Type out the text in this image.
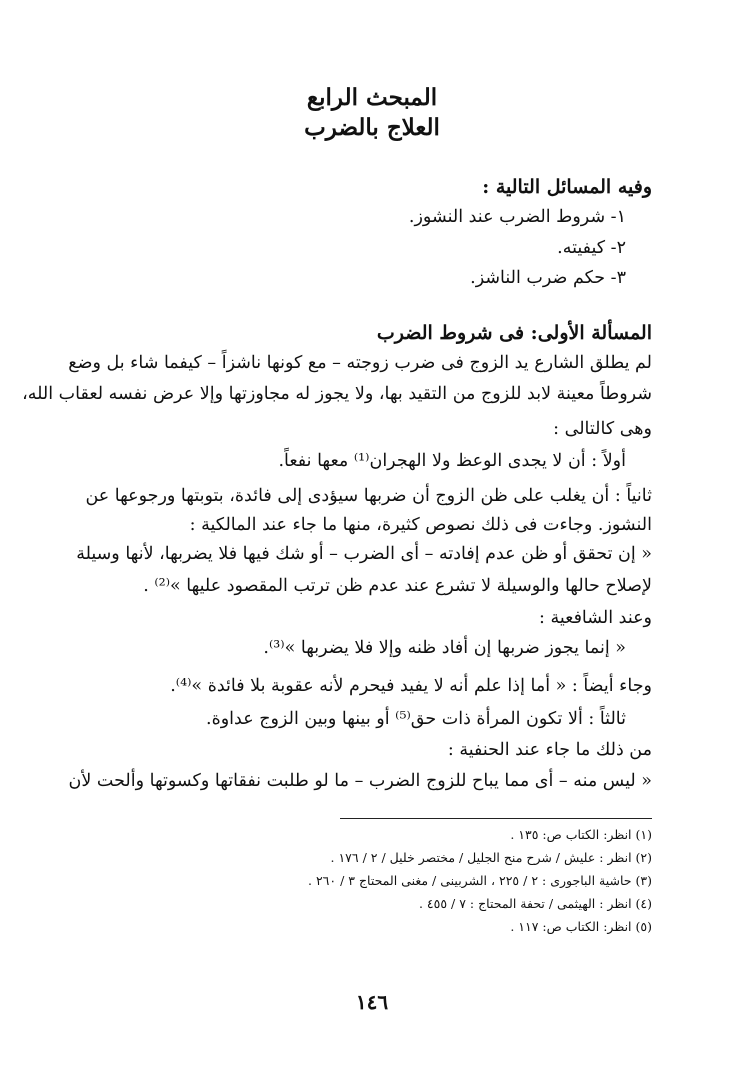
المبحث الرابع
العلاج بالضرب
وفيه المسائل التالية :
١- شروط الضرب عند النشوز.
٢- كيفيته.
٣- حكم ضرب الناشز.
المسألة الأولى: فى شروط الضرب
لم يطلق الشارع يد الزوج فى ضرب زوجته – مع كونها ناشزاً – كيفما شاء بل وضع
شروطاً معينة لابد للزوج من التقيد بها، ولا يجوز له مجاوزتها وإلا عرض نفسه لعقاب الله،
وهى كالتالى :
أولاً : أن لا يجدى الوعظ ولا الهجران⁽¹⁾ معها نفعاً.
ثانياً : أن يغلب على ظن الزوج أن ضربها سيؤدى إلى فائدة، بتوبتها ورجوعها عن
النشوز. وجاءت فى ذلك نصوص كثيرة، منها ما جاء عند المالكية :
« إن تحقق أو ظن عدم إفادته – أى الضرب – أو شك فيها فلا يضربها، لأنها وسيلة
لإصلاح حالها والوسيلة لا تشرع عند عدم ظن ترتب المقصود عليها »⁽²⁾ .
وعند الشافعية :
« إنما يجوز ضربها إن أفاد ظنه وإلا فلا يضربها »⁽³⁾.
وجاء أيضاً : « أما إذا علم أنه لا يفيد فيحرم لأنه عقوبة بلا فائدة »⁽⁴⁾.
ثالثاً : ألا تكون المرأة ذات حق⁽⁵⁾ أو بينها وبين الزوج عداوة.
من ذلك ما جاء عند الحنفية :
« ليس منه – أى مما يباح للزوج الضرب – ما لو طلبت نفقاتها وكسوتها وألحت لأن
(١) انظر: الكتاب ص: ١٣٥ .
(٢) انظر : عليش / شرح منح الجليل / مختصر خليل / ٢ / ١٧٦ .
(٣) حاشية الباجورى : ٢ / ٢٢٥ ، الشربينى / مغنى المحتاج ٣ / ٢٦٠ .
(٤) انظر : الهيثمى / تحفة المحتاج : ٧ / ٤٥٥ .
(٥) انظر: الكتاب ص: ١١٧ .
١٤٦
